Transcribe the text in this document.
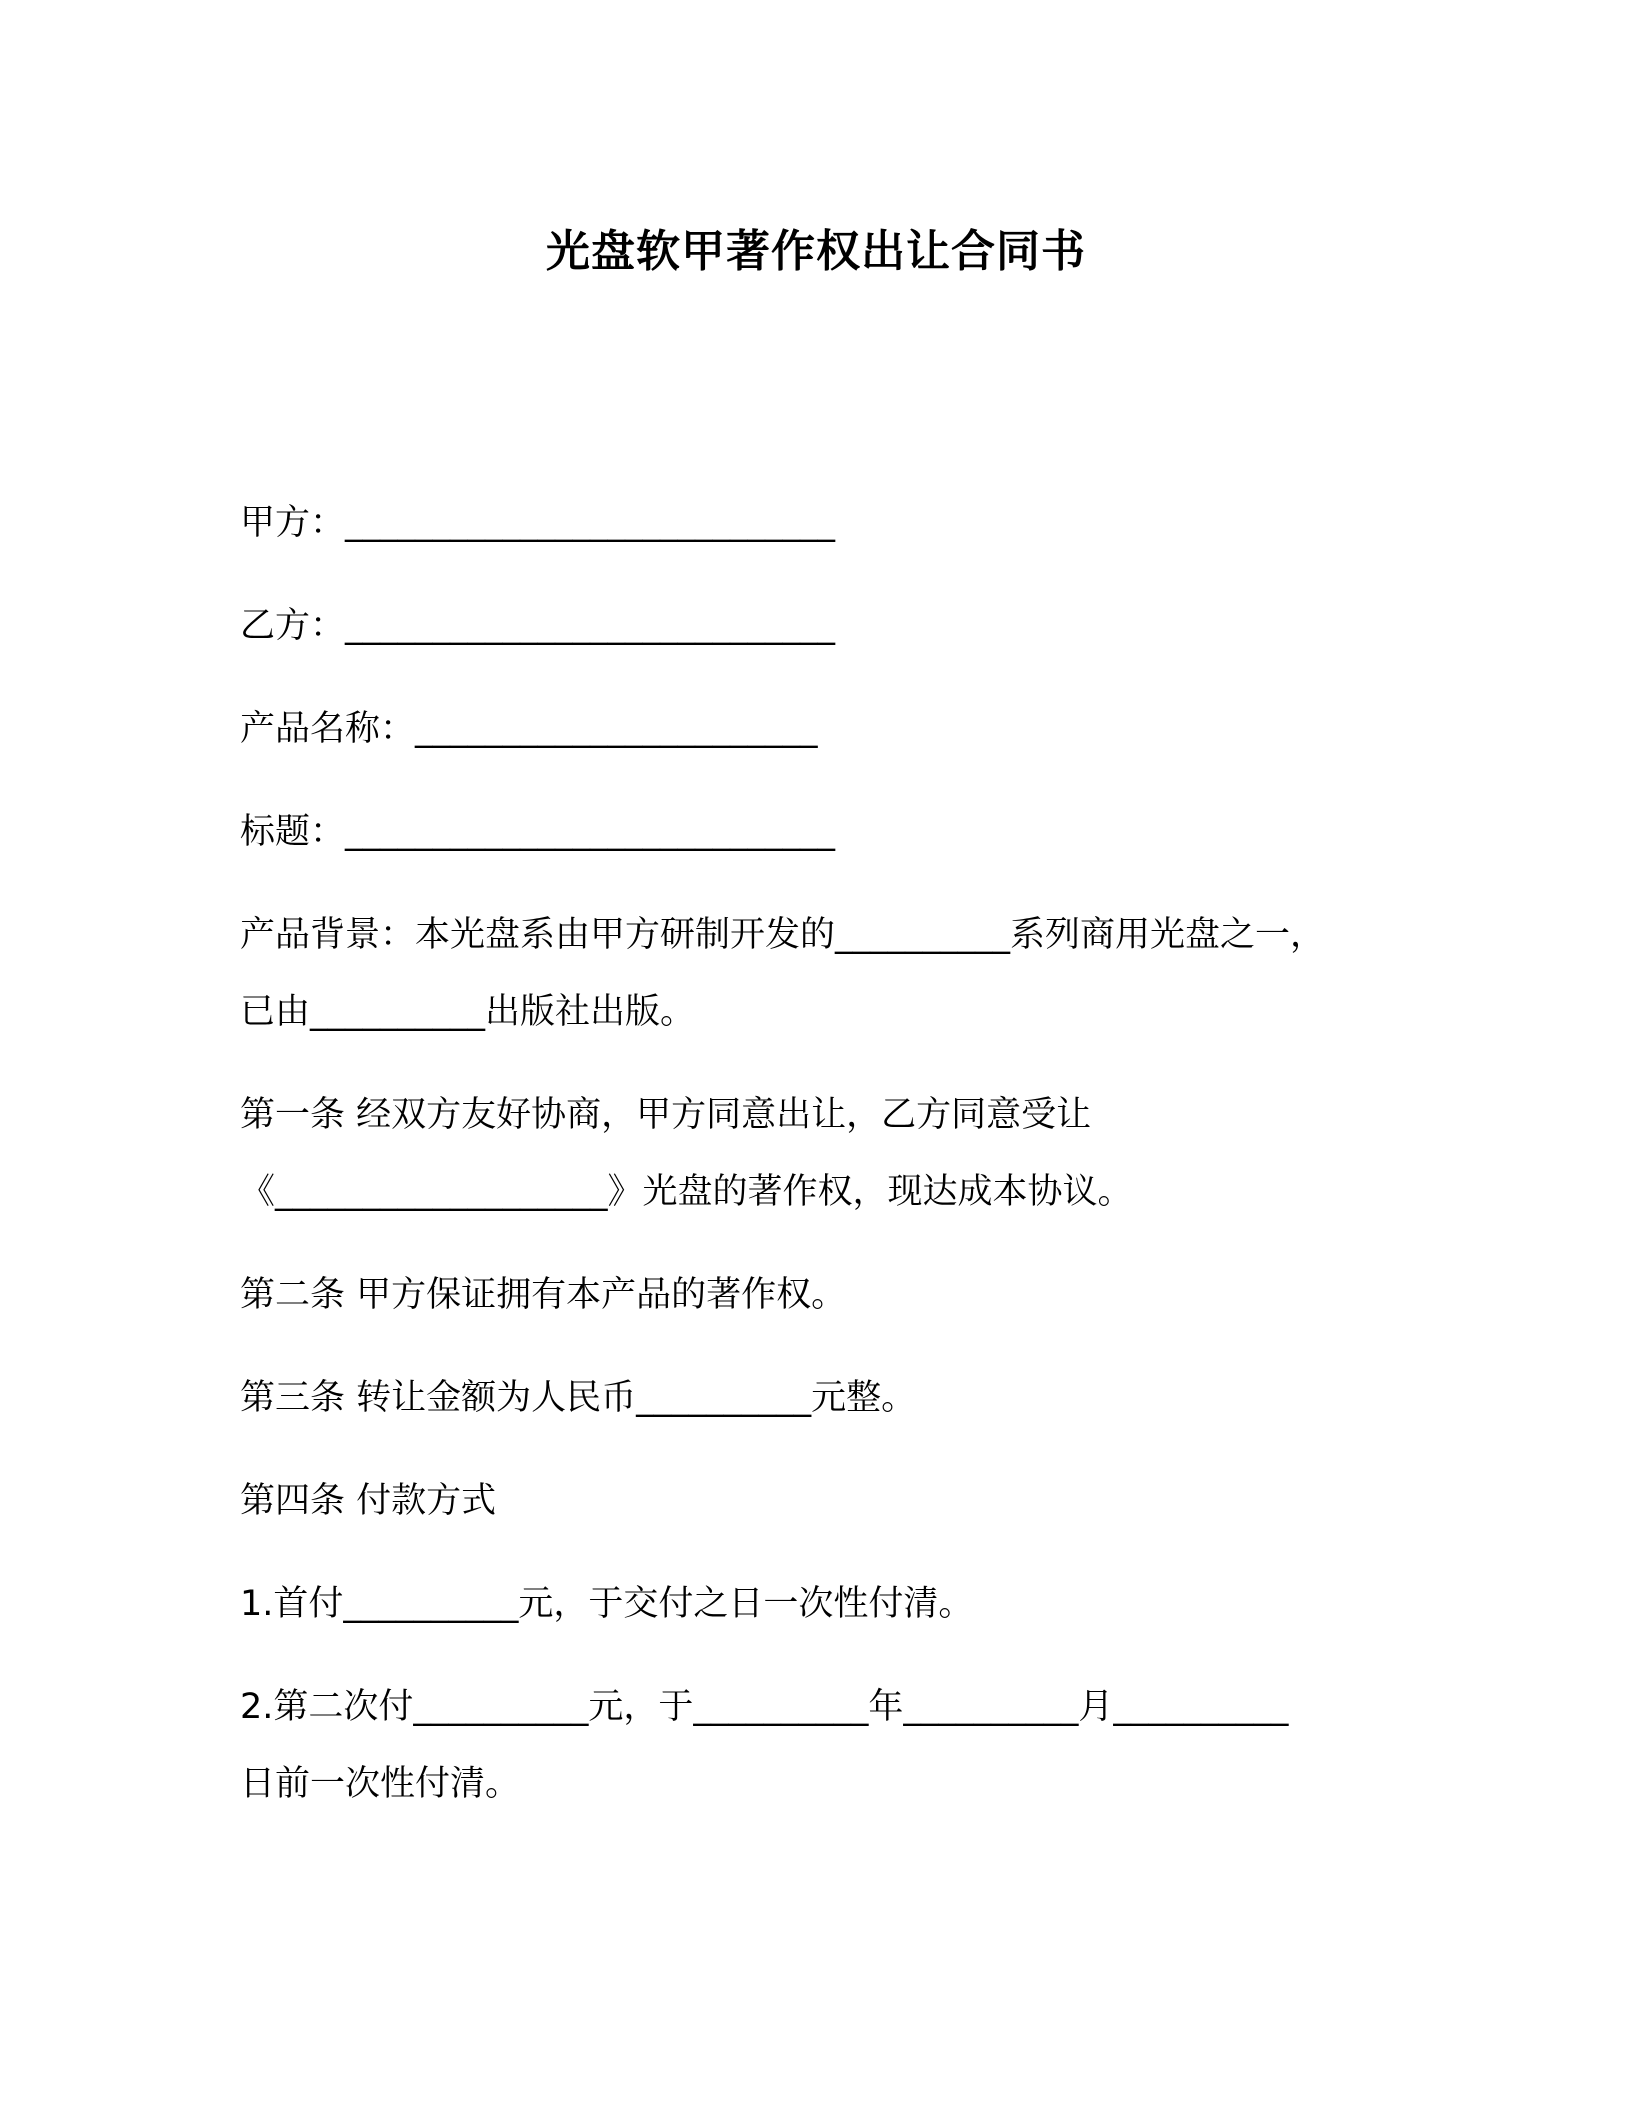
光盘软甲著作权出让合同书
甲方：____________________________
乙方：____________________________
产品名称：_______________________
标题：____________________________
产品背景：本光盘系由甲方研制开发的__________系列商用光盘之一，
已由__________出版社出版。
第一条 经双方友好协商，甲方同意出让，乙方同意受让
《___________________》光盘的著作权，现达成本协议。
第二条 甲方保证拥有本产品的著作权。
第三条 转让金额为人民币__________元整。
第四条 付款方式
1.首付__________元，于交付之日一次性付清。
2.第二次付__________元，于__________年__________月__________
日前一次性付清。
